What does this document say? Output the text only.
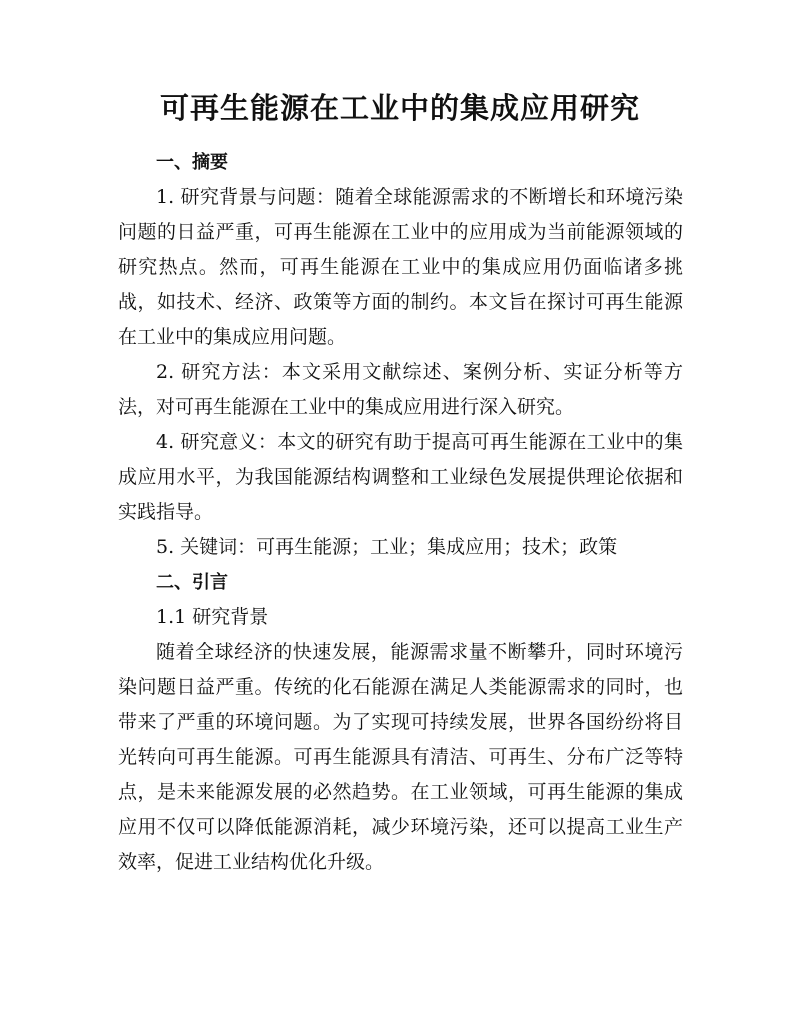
可再生能源在工业中的集成应用研究

一、摘要

1. 研究背景与问题：随着全球能源需求的不断增长和环境污染问题的日益严重，可再生能源在工业中的应用成为当前能源领域的研究热点。然而，可再生能源在工业中的集成应用仍面临诸多挑战，如技术、经济、政策等方面的制约。本文旨在探讨可再生能源在工业中的集成应用问题。

2. 研究方法：本文采用文献综述、案例分析、实证分析等方法，对可再生能源在工业中的集成应用进行深入研究。

4. 研究意义：本文的研究有助于提高可再生能源在工业中的集成应用水平，为我国能源结构调整和工业绿色发展提供理论依据和实践指导。

5. 关键词：可再生能源；工业；集成应用；技术；政策

二、引言

1.1 研究背景

随着全球经济的快速发展，能源需求量不断攀升，同时环境污染问题日益严重。传统的化石能源在满足人类能源需求的同时，也带来了严重的环境问题。为了实现可持续发展，世界各国纷纷将目光转向可再生能源。可再生能源具有清洁、可再生、分布广泛等特点，是未来能源发展的必然趋势。在工业领域，可再生能源的集成应用不仅可以降低能源消耗，减少环境污染，还可以提高工业生产效率，促进工业结构优化升级。
